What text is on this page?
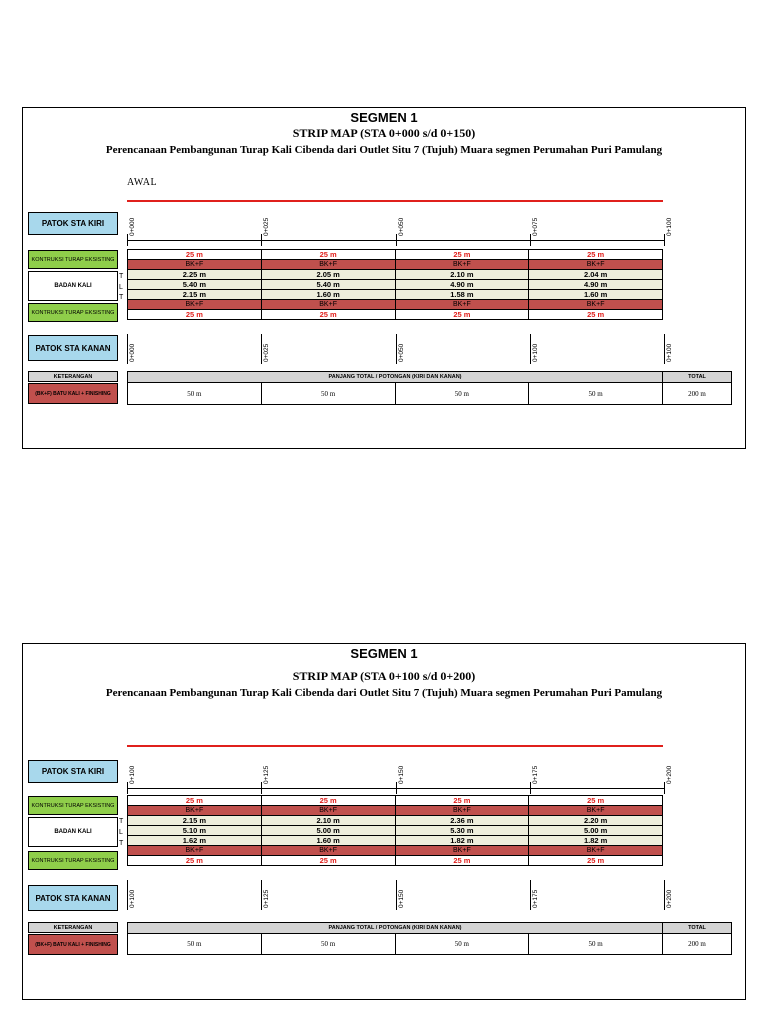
SEGMEN 1
STRIP MAP (STA 0+000 s/d 0+150)
Perencanaan Pembangunan Turap Kali Cibenda dari Outlet Situ 7 (Tujuh) Muara segmen Perumahan Puri Pamulang
AWAL
PATOK STA KIRI	0+000	0+025	0+050	0+075	0+100
KONTRUKSI TURAP EKSISTING
BADAN KALI
KONTRUKSI TURAP EKSISTING
T
L
T
25 m	25 m	25 m	25 m
BK+F	BK+F	BK+F	BK+F
2.25 m	2.05 m	2.10 m	2.04 m
5.40 m	5.40 m	4.90 m	4.90 m
2.15 m	1.60 m	1.58 m	1.60 m
BK+F	BK+F	BK+F	BK+F
25 m	25 m	25 m	25 m
PATOK STA KANAN	0+000	0+025	0+050	0+100	0+100
KETERANGAN
(BK+F) BATU KALI + FINISHING
PANJANG TOTAL / POTONGAN (KIRI DAN KANAN)	TOTAL
50 m	50 m	50 m	50 m	200 m
SEGMEN 1
STRIP MAP (STA 0+100 s/d 0+200)
Perencanaan Pembangunan Turap Kali Cibenda dari Outlet Situ 7 (Tujuh) Muara segmen Perumahan Puri Pamulang
PATOK STA KIRI	0+100	0+125	0+150	0+175	0+200
KONTRUKSI TURAP EKSISTING
BADAN KALI
KONTRUKSI TURAP EKSISTING
T
L
T
25 m	25 m	25 m	25 m
BK+F	BK+F	BK+F	BK+F
2.15 m	2.10 m	2.36 m	2.20 m
5.10 m	5.00 m	5.30 m	5.00 m
1.62 m	1.60 m	1.82 m	1.82 m
BK+F	BK+F	BK+F	BK+F
25 m	25 m	25 m	25 m
PATOK STA KANAN	0+100	0+125	0+150	0+175	0+200
KETERANGAN
(BK+F) BATU KALI + FINISHING
PANJANG TOTAL / POTONGAN (KIRI DAN KANAN)	TOTAL
50 m	50 m	50 m	50 m	200 m
